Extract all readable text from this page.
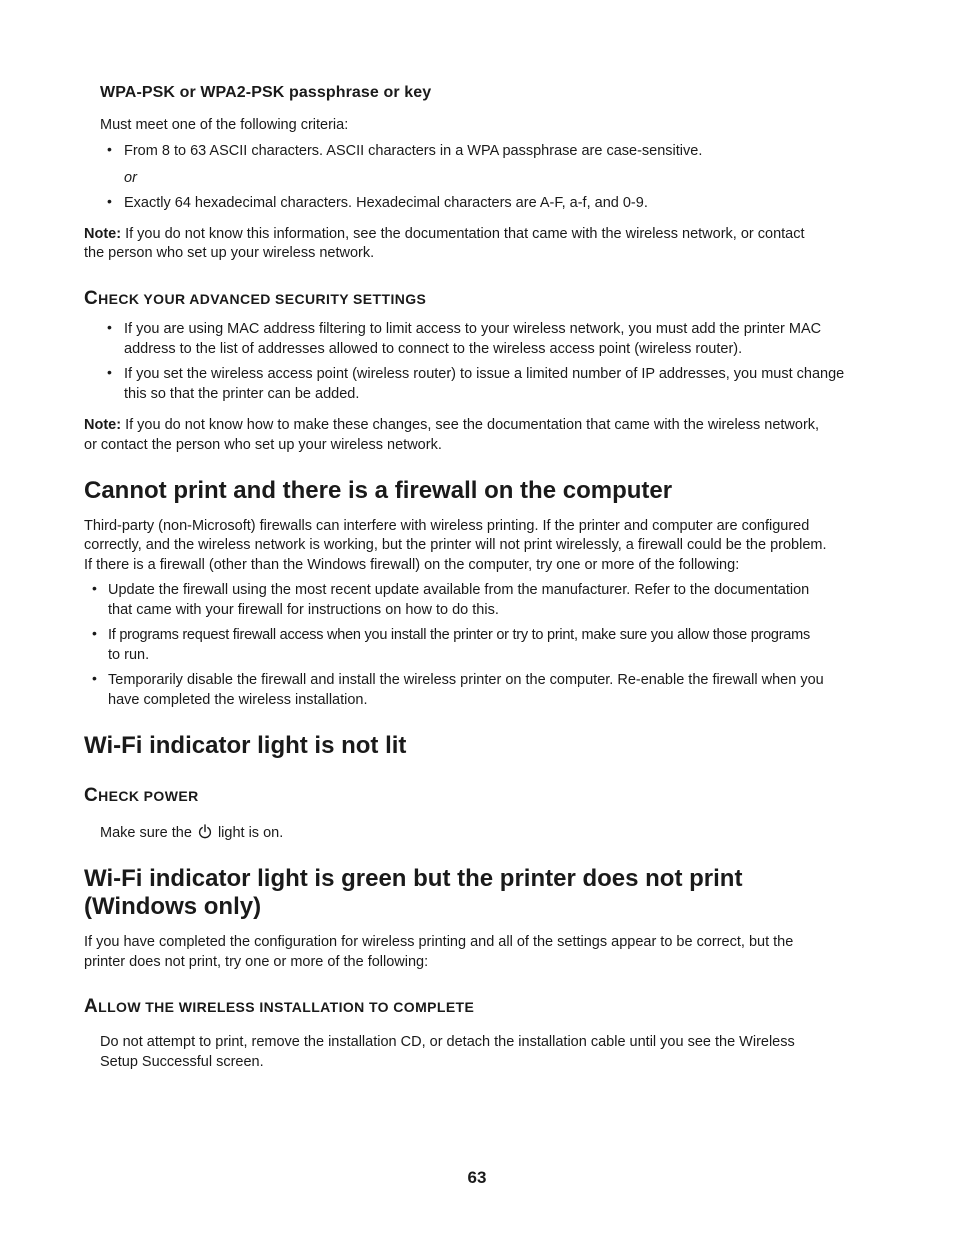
WPA-PSK or WPA2-PSK passphrase or key
Must meet one of the following criteria:
• From 8 to 63 ASCII characters. ASCII characters in a WPA passphrase are case-sensitive.
or
• Exactly 64 hexadecimal characters. Hexadecimal characters are A-F, a-f, and 0-9.
Note: If you do not know this information, see the documentation that came with the wireless network, or contact
the person who set up your wireless network.
CHECK YOUR ADVANCED SECURITY SETTINGS
• If you are using MAC address filtering to limit access to your wireless network, you must add the printer MAC
address to the list of addresses allowed to connect to the wireless access point (wireless router).
• If you set the wireless access point (wireless router) to issue a limited number of IP addresses, you must change
this so that the printer can be added.
Note: If you do not know how to make these changes, see the documentation that came with the wireless network,
or contact the person who set up your wireless network.
Cannot print and there is a firewall on the computer
Third-party (non-Microsoft) firewalls can interfere with wireless printing. If the printer and computer are configured
correctly, and the wireless network is working, but the printer will not print wirelessly, a firewall could be the problem.
If there is a firewall (other than the Windows firewall) on the computer, try one or more of the following:
• Update the firewall using the most recent update available from the manufacturer. Refer to the documentation
that came with your firewall for instructions on how to do this.
• If programs request firewall access when you install the printer or try to print, make sure you allow those programs
to run.
• Temporarily disable the firewall and install the wireless printer on the computer. Re-enable the firewall when you
have completed the wireless installation.
Wi-Fi indicator light is not lit
CHECK POWER
Make sure the  light is on.
Wi-Fi indicator light is green but the printer does not print
(Windows only)
If you have completed the configuration for wireless printing and all of the settings appear to be correct, but the
printer does not print, try one or more of the following:
ALLOW THE WIRELESS INSTALLATION TO COMPLETE
Do not attempt to print, remove the installation CD, or detach the installation cable until you see the Wireless
Setup Successful screen.
63
